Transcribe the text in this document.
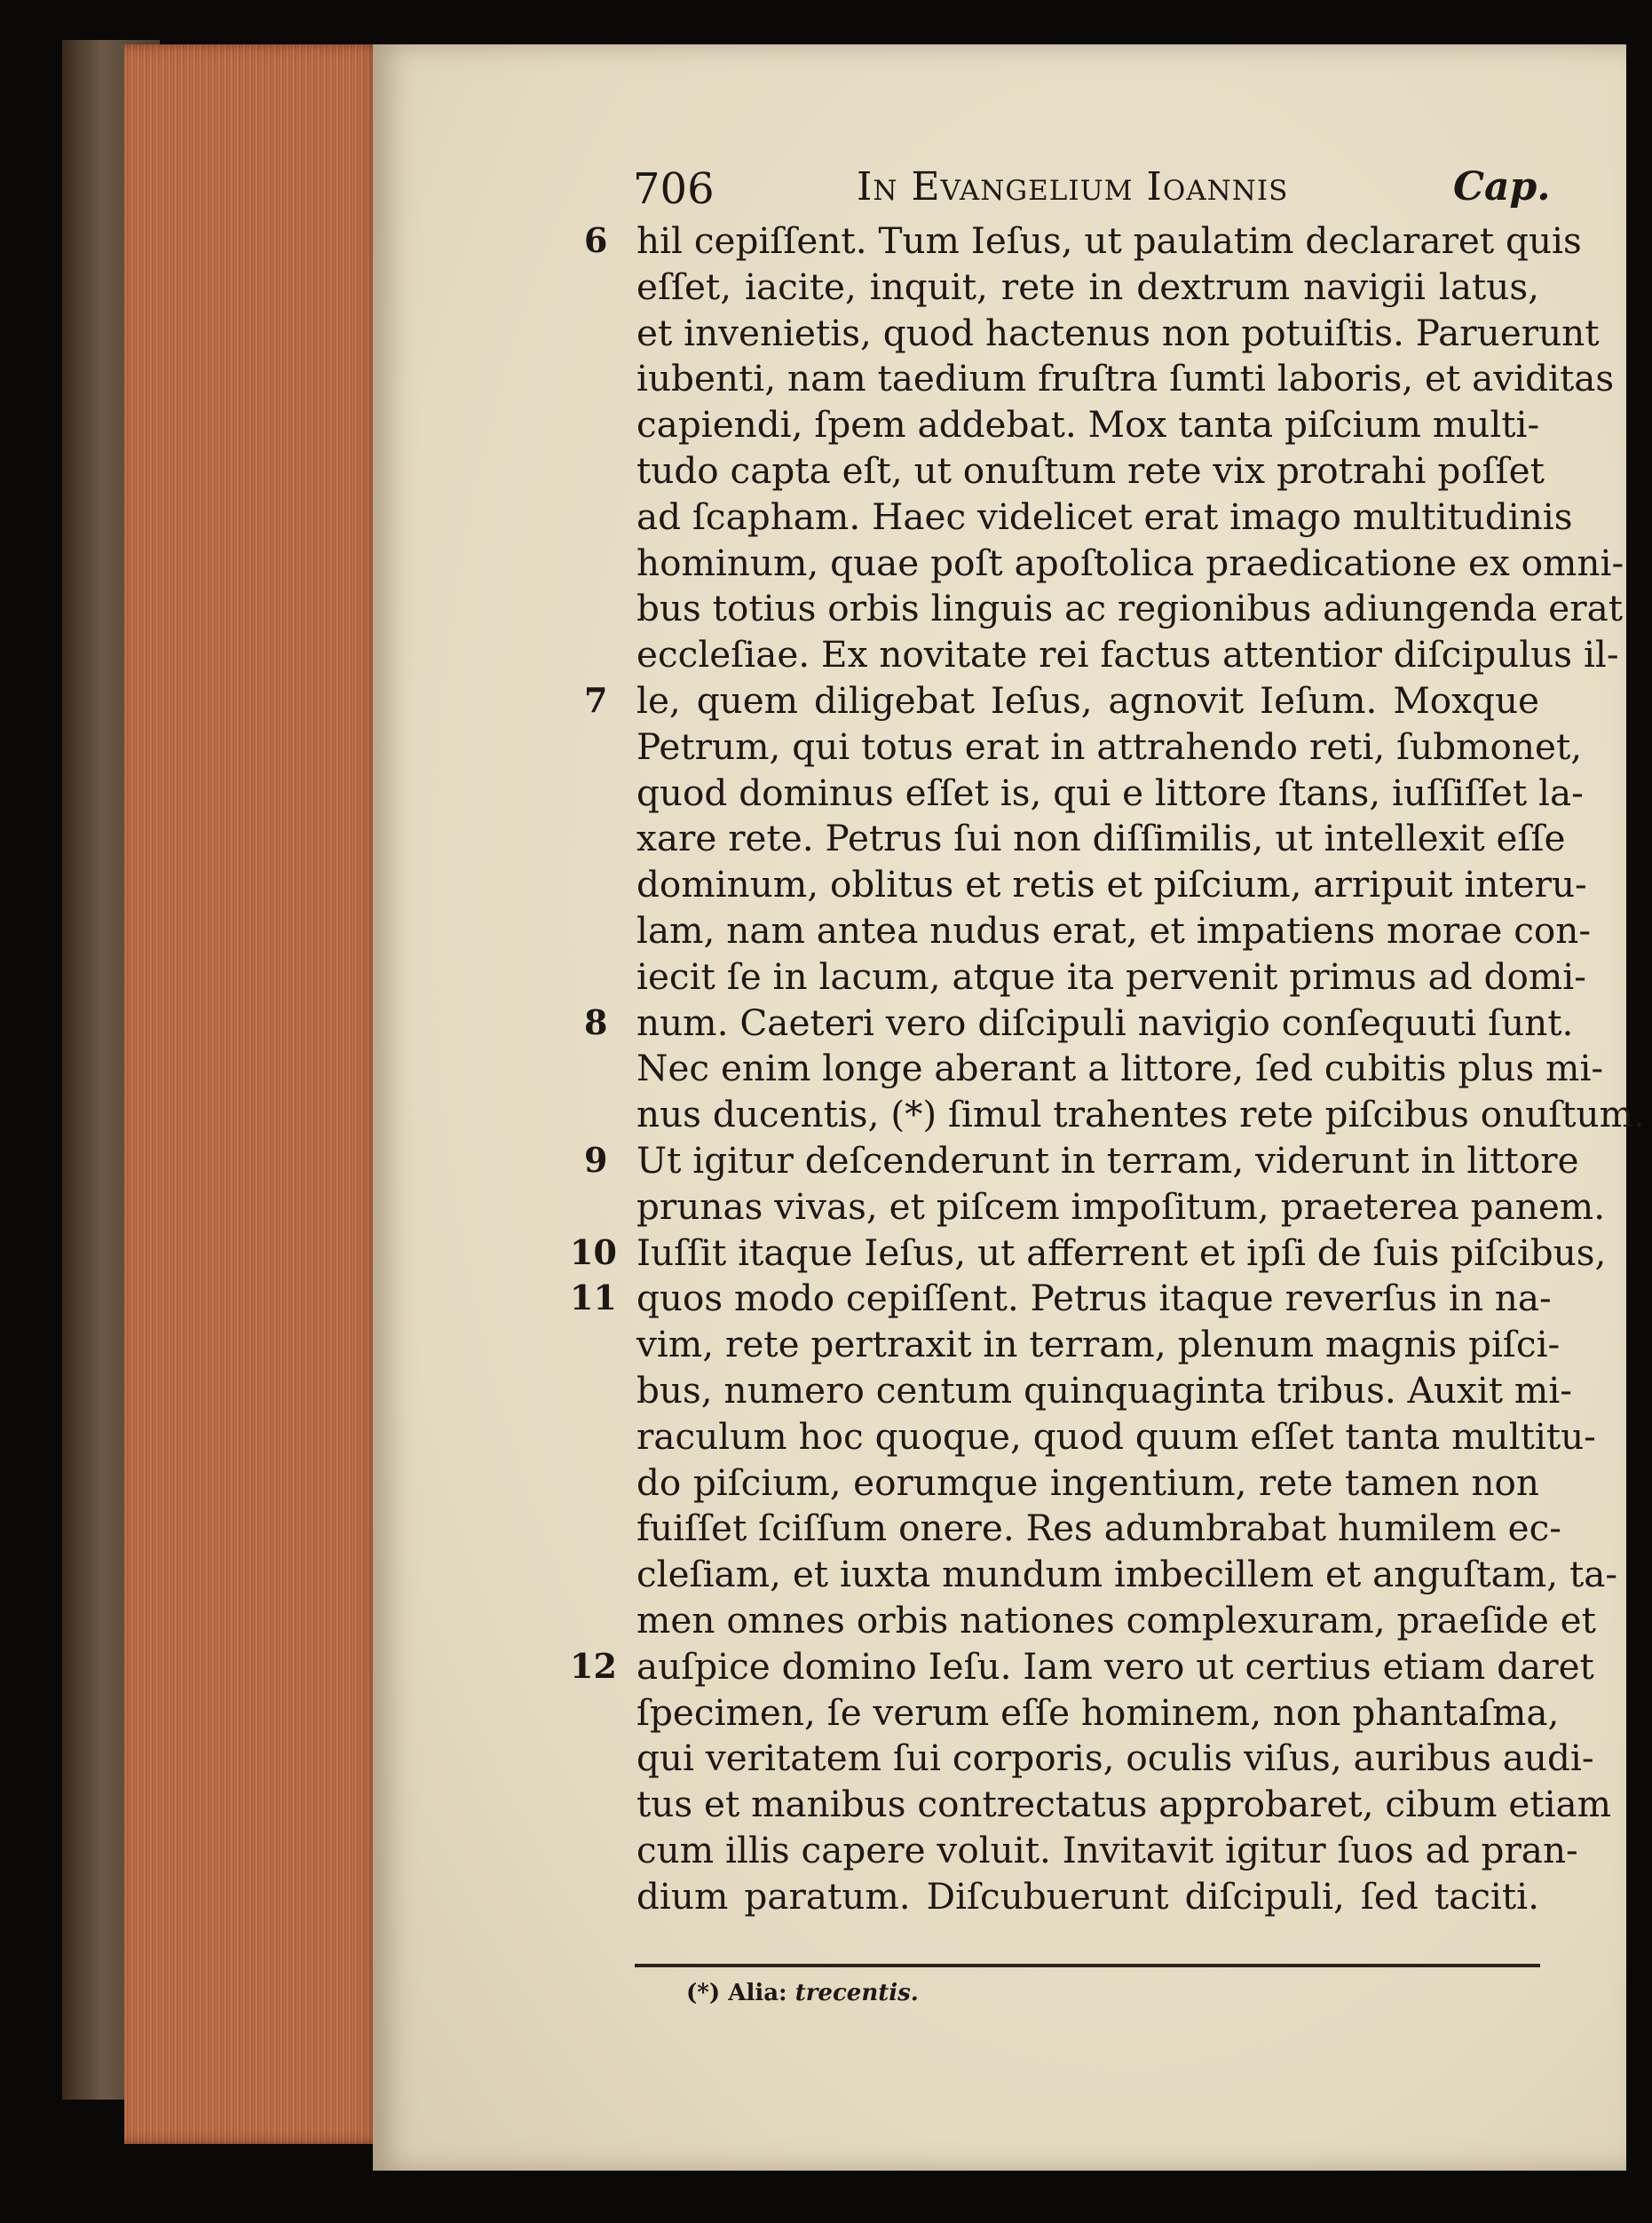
706	In Evangelium Ioannis	Cap.
6
7
8
9
10
11
12
hil cepiſſent. Tum Ieſus, ut paulatim declararet quis
eſſet, iacite, inquit, rete in dextrum navigii latus,
et invenietis, quod hactenus non potuiſtis. Paruerunt
iubenti, nam taedium fruſtra ſumti laboris, et aviditas
capiendi, ſpem addebat. Mox tanta piſcium multi-
tudo capta eſt, ut onuſtum rete vix protrahi poſſet
ad ſcapham. Haec videlicet erat imago multitudinis
hominum, quae poſt apoſtolica praedicatione ex omni-
bus totius orbis linguis ac regionibus adiungenda erat
eccleſiae. Ex novitate rei factus attentior diſcipulus il-
le, quem diligebat Ieſus, agnovit Ieſum. Moxque
Petrum, qui totus erat in attrahendo reti, ſubmonet,
quod dominus eſſet is, qui e littore ſtans, iuſſiſſet la-
xare rete. Petrus ſui non diſſimilis, ut intellexit eſſe
dominum, oblitus et retis et piſcium, arripuit interu-
lam, nam antea nudus erat, et impatiens morae con-
iecit ſe in lacum, atque ita pervenit primus ad domi-
num. Caeteri vero diſcipuli navigio conſequuti ſunt.
Nec enim longe aberant a littore, ſed cubitis plus mi-
nus ducentis, (*) ſimul trahentes rete piſcibus onuſtum.
Ut igitur deſcenderunt in terram, viderunt in littore
prunas vivas, et piſcem impoſitum, praeterea panem.
Iuſſit itaque Ieſus, ut afferrent et ipſi de ſuis piſcibus,
quos modo cepiſſent. Petrus itaque reverſus in na-
vim, rete pertraxit in terram, plenum magnis piſci-
bus, numero centum quinquaginta tribus. Auxit mi-
raculum hoc quoque, quod quum eſſet tanta multitu-
do piſcium, eorumque ingentium, rete tamen non
fuiſſet ſciſſum onere. Res adumbrabat humilem ec-
cleſiam, et iuxta mundum imbecillem et anguſtam, ta-
men omnes orbis nationes complexuram, praeſide et
auſpice domino Ieſu. Iam vero ut certius etiam daret
ſpecimen, ſe verum eſſe hominem, non phantaſma,
qui veritatem ſui corporis, oculis viſus, auribus audi-
tus et manibus contrectatus approbaret, cibum etiam
cum illis capere voluit. Invitavit igitur ſuos ad pran-
dium paratum. Diſcubuerunt diſcipuli, ſed taciti.
(*) Alia: trecentis.
